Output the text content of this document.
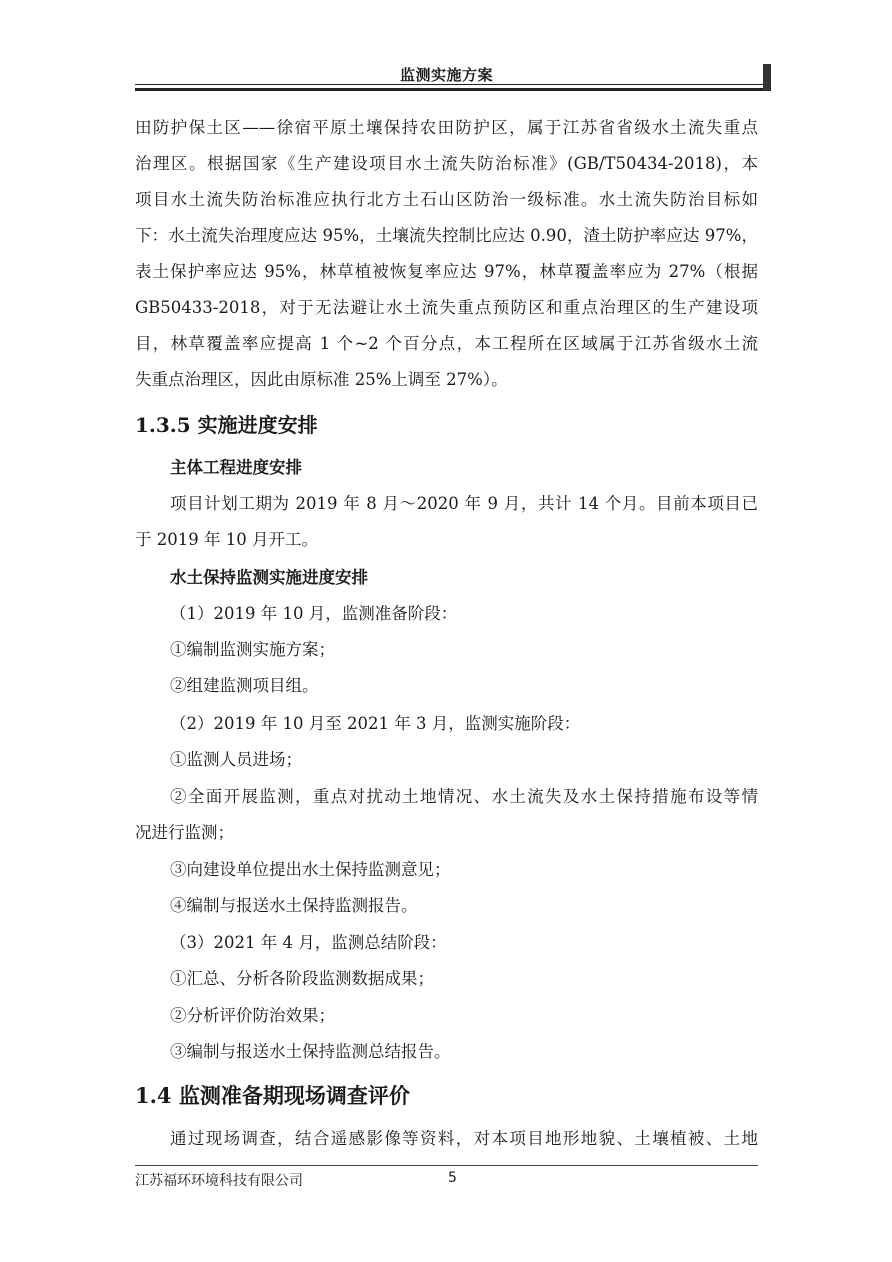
监测实施方案
田防护保土区——徐宿平原土壤保持农田防护区，属于江苏省省级水土流失重点
治理区。根据国家《生产建设项目水土流失防治标准》(GB/T50434-2018)，本
项目水土流失防治标准应执行北方土石山区防治一级标准。水土流失防治目标如
下：水土流失治理度应达 95%，土壤流失控制比应达 0.90，渣土防护率应达 97%，
表土保护率应达 95%，林草植被恢复率应达 97%，林草覆盖率应为 27%（根据
GB50433-2018，对于无法避让水土流失重点预防区和重点治理区的生产建设项
目，林草覆盖率应提高 1 个~2 个百分点，本工程所在区域属于江苏省级水土流
失重点治理区，因此由原标准 25%上调至 27%）。
1.3.5 实施进度安排
主体工程进度安排
项目计划工期为 2019 年 8 月～2020 年 9 月，共计 14 个月。目前本项目已
于 2019 年 10 月开工。
水土保持监测实施进度安排
（1）2019 年 10 月，监测准备阶段：
①编制监测实施方案；
②组建监测项目组。
（2）2019 年 10 月至 2021 年 3 月，监测实施阶段：
①监测人员进场；
②全面开展监测，重点对扰动土地情况、水土流失及水土保持措施布设等情
况进行监测；
③向建设单位提出水土保持监测意见；
④编制与报送水土保持监测报告。
（3）2021 年 4 月，监测总结阶段：
①汇总、分析各阶段监测数据成果；
②分析评价防治效果；
③编制与报送水土保持监测总结报告。
1.4 监测准备期现场调查评价
通过现场调查，结合遥感影像等资料，对本项目地形地貌、土壤植被、土地
江苏福环环境科技有限公司	5
